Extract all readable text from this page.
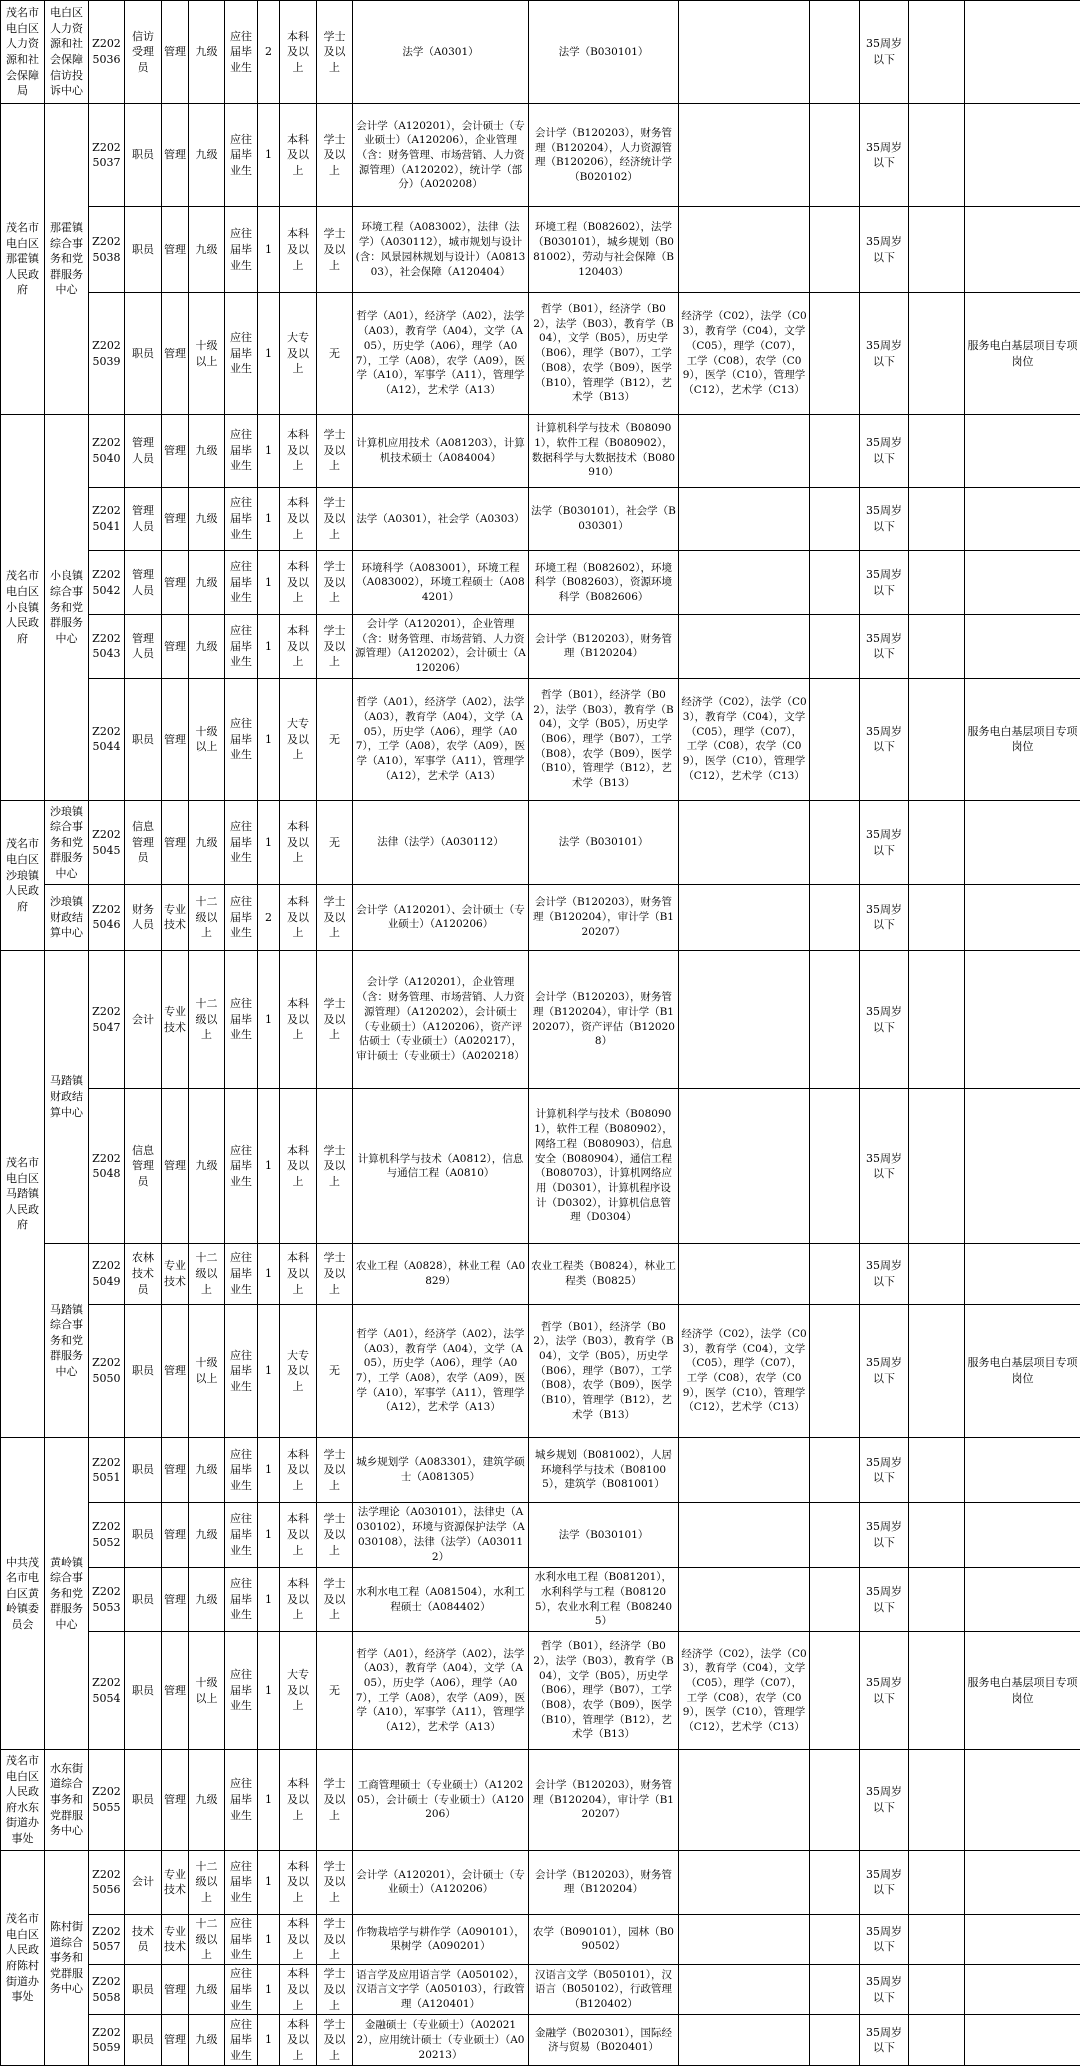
茂名市电白区人力资源和社会保障局	电白区人力资源和社会保障信访投诉中心	Z2025036	信访受理员	管理	九级	应往届毕业生	2	本科及以上	学士及以上	法学（A0301）	法学（B030101）			35周岁以下		
茂名市电白区那霍镇人民政府	那霍镇综合事务和党群服务中心	Z2025037	职员	管理	九级	应往届毕业生	1	本科及以上	学士及以上	会计学（A120201），会计硕士（专业硕士）（A120206），企业管理（含：财务管理、市场营销、人力资源管理）（A120202），统计学（部分）（A020208）	会计学（B120203），财务管理（B120204），人力资源管理（B120206），经济统计学（B020102）			35周岁以下		
		Z2025038	职员	管理	九级	应往届毕业生	1	本科及以上	学士及以上	环境工程（A083002），法律（法学）（A030112），城市规划与设计(含：风景园林规划与设计）（A081303），社会保障（A120404）	环境工程（B082602），法学（B030101），城乡规划（B081002），劳动与社会保障（B120403）			35周岁以下		
		Z2025039	职员	管理	十级以上	应往届毕业生	1	大专及以上	无	哲学（A01），经济学（A02），法学（A03），教育学（A04），文学（A05），历史学（A06），理学（A07），工学（A08），农学（A09），医学（A10），军事学（A11），管理学（A12），艺术学（A13）	哲学（B01），经济学（B02），法学（B03），教育学（B04），文学（B05），历史学（B06），理学（B07），工学（B08），农学（B09），医学（B10），管理学（B12），艺术学（B13）	经济学（C02），法学（C03），教育学（C04），文学（C05），理学（C07），工学（C08），农学（C09），医学（C10），管理学（C12），艺术学（C13）		35周岁以下		服务电白基层项目专项岗位
茂名市电白区小良镇人民政府	小良镇综合事务和党群服务中心	Z2025040	管理人员	管理	九级	应往届毕业生	1	本科及以上	学士及以上	计算机应用技术（A081203），计算机技术硕士（A084004）	计算机科学与技术（B080901），软件工程（B080902），数据科学与大数据技术（B080910）			35周岁以下		
		Z2025041	管理人员	管理	九级	应往届毕业生	1	本科及以上	学士及以上	法学（A0301），社会学（A0303）	法学（B030101），社会学（B030301）			35周岁以下		
		Z2025042	管理人员	管理	九级	应往届毕业生	1	本科及以上	学士及以上	环境科学（A083001），环境工程（A083002），环境工程硕士（A084201）	环境工程（B082602），环境科学（B082603），资源环境科学（B082606）			35周岁以下		
		Z2025043	管理人员	管理	九级	应往届毕业生	1	本科及以上	学士及以上	会计学（A120201），企业管理（含：财务管理、市场营销、人力资源管理）（A120202），会计硕士（A120206）	会计学（B120203），财务管理（B120204）			35周岁以下		
		Z2025044	职员	管理	十级以上	应往届毕业生	1	大专及以上	无	哲学（A01），经济学（A02），法学（A03），教育学（A04），文学（A05），历史学（A06），理学（A07），工学（A08），农学（A09），医学（A10），军事学（A11），管理学（A12），艺术学（A13）	哲学（B01），经济学（B02），法学（B03），教育学（B04），文学（B05），历史学（B06），理学（B07），工学（B08），农学（B09），医学（B10），管理学（B12），艺术学（B13）	经济学（C02），法学（C03），教育学（C04），文学（C05），理学（C07），工学（C08），农学（C09），医学（C10），管理学（C12），艺术学（C13）		35周岁以下		服务电白基层项目专项岗位
茂名市电白区沙琅镇人民政府	沙琅镇综合事务和党群服务中心	Z2025045	信息管理员	管理	九级	应往届毕业生	1	本科及以上	无	法律（法学）（A030112）	法学（B030101）			35周岁以下		
	沙琅镇财政结算中心	Z2025046	财务人员	专业技术	十二级以上	应往届毕业生	2	本科及以上	学士及以上	会计学（A120201）、会计硕士（专业硕士）（A120206）	会计学（B120203），财务管理（B120204），审计学（B120207）			35周岁以下		
茂名市电白区马踏镇人民政府	马踏镇财政结算中心	Z2025047	会计	专业技术	十二级以上	应往届毕业生	1	本科及以上	学士及以上	会计学（A120201），企业管理（含：财务管理、市场营销、人力资源管理）（A120202），会计硕士（专业硕士）（A120206），资产评估硕士（专业硕士）（A020217），审计硕士（专业硕士）（A020218）	会计学（B120203），财务管理（B120204），审计学（B120207），资产评估（B120208）			35周岁以下		
		Z2025048	信息管理员	管理	九级	应往届毕业生	1	本科及以上	学士及以上	计算机科学与技术（A0812），信息与通信工程（A0810）	计算机科学与技术（B080901），软件工程（B080902），网络工程（B080903），信息安全（B080904），通信工程（B080703），计算机网络应用（D0301），计算机程序设计（D0302），计算机信息管理（D0304）			35周岁以下		
	马踏镇综合事务和党群服务中心	Z2025049	农林技术员	专业技术	十二级以上	应往届毕业生	1	本科及以上	学士及以上	农业工程（A0828），林业工程（A0829）	农业工程类（B0824），林业工程类（B0825）			35周岁以下		
		Z2025050	职员	管理	十级以上	应往届毕业生	1	大专及以上	无	哲学（A01），经济学（A02），法学（A03），教育学（A04），文学（A05），历史学（A06），理学（A07），工学（A08），农学（A09），医学（A10），军事学（A11），管理学（A12），艺术学（A13）	哲学（B01），经济学（B02），法学（B03），教育学（B04），文学（B05），历史学（B06），理学（B07），工学（B08），农学（B09），医学（B10），管理学（B12），艺术学（B13）	经济学（C02），法学（C03），教育学（C04），文学（C05），理学（C07），工学（C08），农学（C09），医学（C10），管理学（C12），艺术学（C13）		35周岁以下		服务电白基层项目专项岗位
中共茂名市电白区黄岭镇委员会	黄岭镇综合事务和党群服务中心	Z2025051	职员	管理	九级	应往届毕业生	1	本科及以上	学士及以上	城乡规划学（A083301），建筑学硕士（A081305）	城乡规划（B081002），人居环境科学与技术（B081005），建筑学（B081001）			35周岁以下		
		Z2025052	职员	管理	九级	应往届毕业生	1	本科及以上	学士及以上	法学理论（A030101），法律史（A030102），环境与资源保护法学（A030108），法律（法学）（A030112）	法学（B030101）			35周岁以下		
		Z2025053	职员	管理	九级	应往届毕业生	1	本科及以上	学士及以上	水利水电工程（A081504），水利工程硕士（A084402）	水利水电工程（B081201），水利科学与工程（B081205），农业水利工程（B082405）			35周岁以下		
		Z2025054	职员	管理	十级以上	应往届毕业生	1	大专及以上	无	哲学（A01），经济学（A02），法学（A03），教育学（A04），文学（A05），历史学（A06），理学（A07），工学（A08），农学（A09），医学（A10），军事学（A11），管理学（A12），艺术学（A13）	哲学（B01），经济学（B02），法学（B03），教育学（B04），文学（B05），历史学（B06），理学（B07），工学（B08），农学（B09），医学（B10），管理学（B12），艺术学（B13）	经济学（C02），法学（C03），教育学（C04），文学（C05），理学（C07），工学（C08），农学（C09），医学（C10），管理学（C12），艺术学（C13）		35周岁以下		服务电白基层项目专项岗位
茂名市电白区人民政府水东街道办事处	水东街道综合事务和党群服务中心	Z2025055	职员	管理	九级	应往届毕业生	1	本科及以上	学士及以上	工商管理硕士（专业硕士）（A120205），会计硕士（专业硕士）（A120206）	会计学（B120203），财务管理（B120204），审计学（B120207）			35周岁以下		
茂名市电白区人民政府陈村街道办事处	陈村街道综合事务和党群服务中心	Z2025056	会计	专业技术	十二级以上	应往届毕业生	1	本科及以上	学士及以上	会计学（A120201），会计硕士（专业硕士）（A120206）	会计学（B120203），财务管理（B120204）			35周岁以下		
		Z2025057	技术员	专业技术	十二级以上	应往届毕业生	1	本科及以上	学士及以上	作物栽培学与耕作学（A090101），果树学（A090201）	农学（B090101），园林（B090502）			35周岁以下		
		Z2025058	职员	管理	九级	应往届毕业生	1	本科及以上	学士及以上	语言学及应用语言学（A050102），汉语言文字学（A050103），行政管理（A120401）	汉语言文学（B050101），汉语言（B050102），行政管理（B120402）			35周岁以下		
		Z2025059	职员	管理	九级	应往届毕业生	1	本科及以上	学士及以上	金融硕士（专业硕士）（A020212），应用统计硕士（专业硕士）（A020213）	金融学（B020301），国际经济与贸易（B020401）			35周岁以下		
